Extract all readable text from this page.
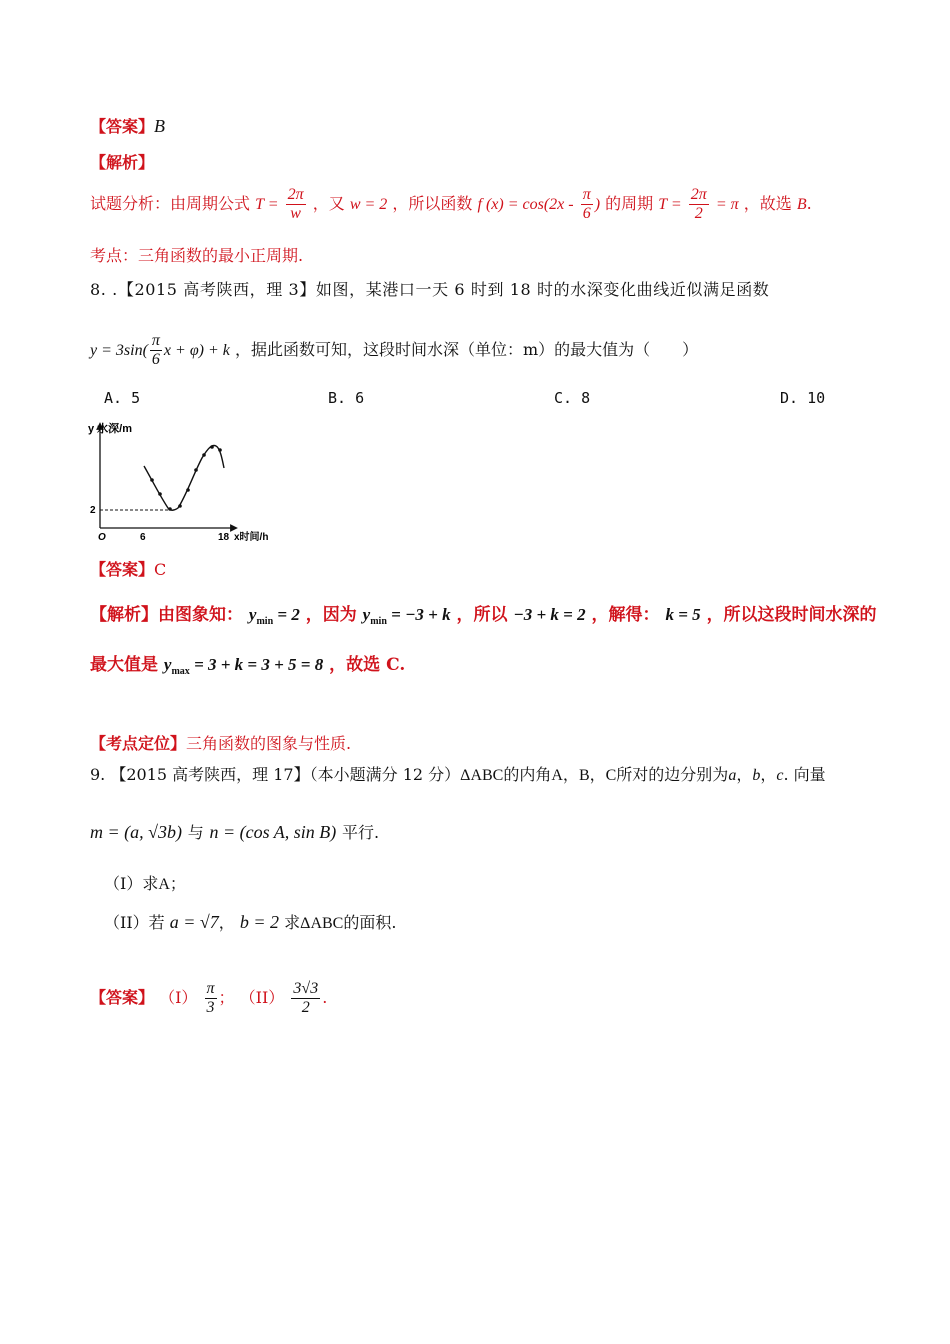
【答案】B
【解析】
试题分析：由周期公式 $T = \frac{2\pi}{w}$ ，又 w = 2 ，所以函数 f $(x) = \cos(2x - \frac{\pi}{6}$ ) 的周期 $T = \frac{2\pi}{2} = \pi$ ，故选 B.
考点：三角函数的最小正周期.
8. .【2015 高考陕西，理 3】如图，某港口一天 6 时到 18 时的水深变化曲线近似满足函数
$y = 3\sin( \frac{\pi}{6}$ x + φ) + k ，据此函数可知，这段时间水深（单位：m）的最大值为（　　）
A. 5	B. 6	C. 8	D. 10
y 水深/m
2
O	6	18 x时间/h
【答案】C
【解析】由图象知： $y_{min} = 2$ ，因为 $y_{min} = -3 + k$ ，所以 −3 + k = 2 ，解得： k = 5 ，所以这段时间水深的
最大值是 $y_{max} = 3 + k = 3 + 5 = 8$ ，故选 C.
【考点定位】三角函数的图象与性质.
9. 【2015 高考陕西，理 17】（本小题满分 12 分）ΔABC的内角A，B，C所对的边分别为a，b，c. 向量
m = (a, √3b) 与 n = (cos A, sin B) 平行.
（I）求A；
（II）若 a = √7， b = 2 求ΔABC的面积.
【答案】 $(I) \frac{\pi}{3}$ ； $(II) \frac{3√3}{2}$ .
